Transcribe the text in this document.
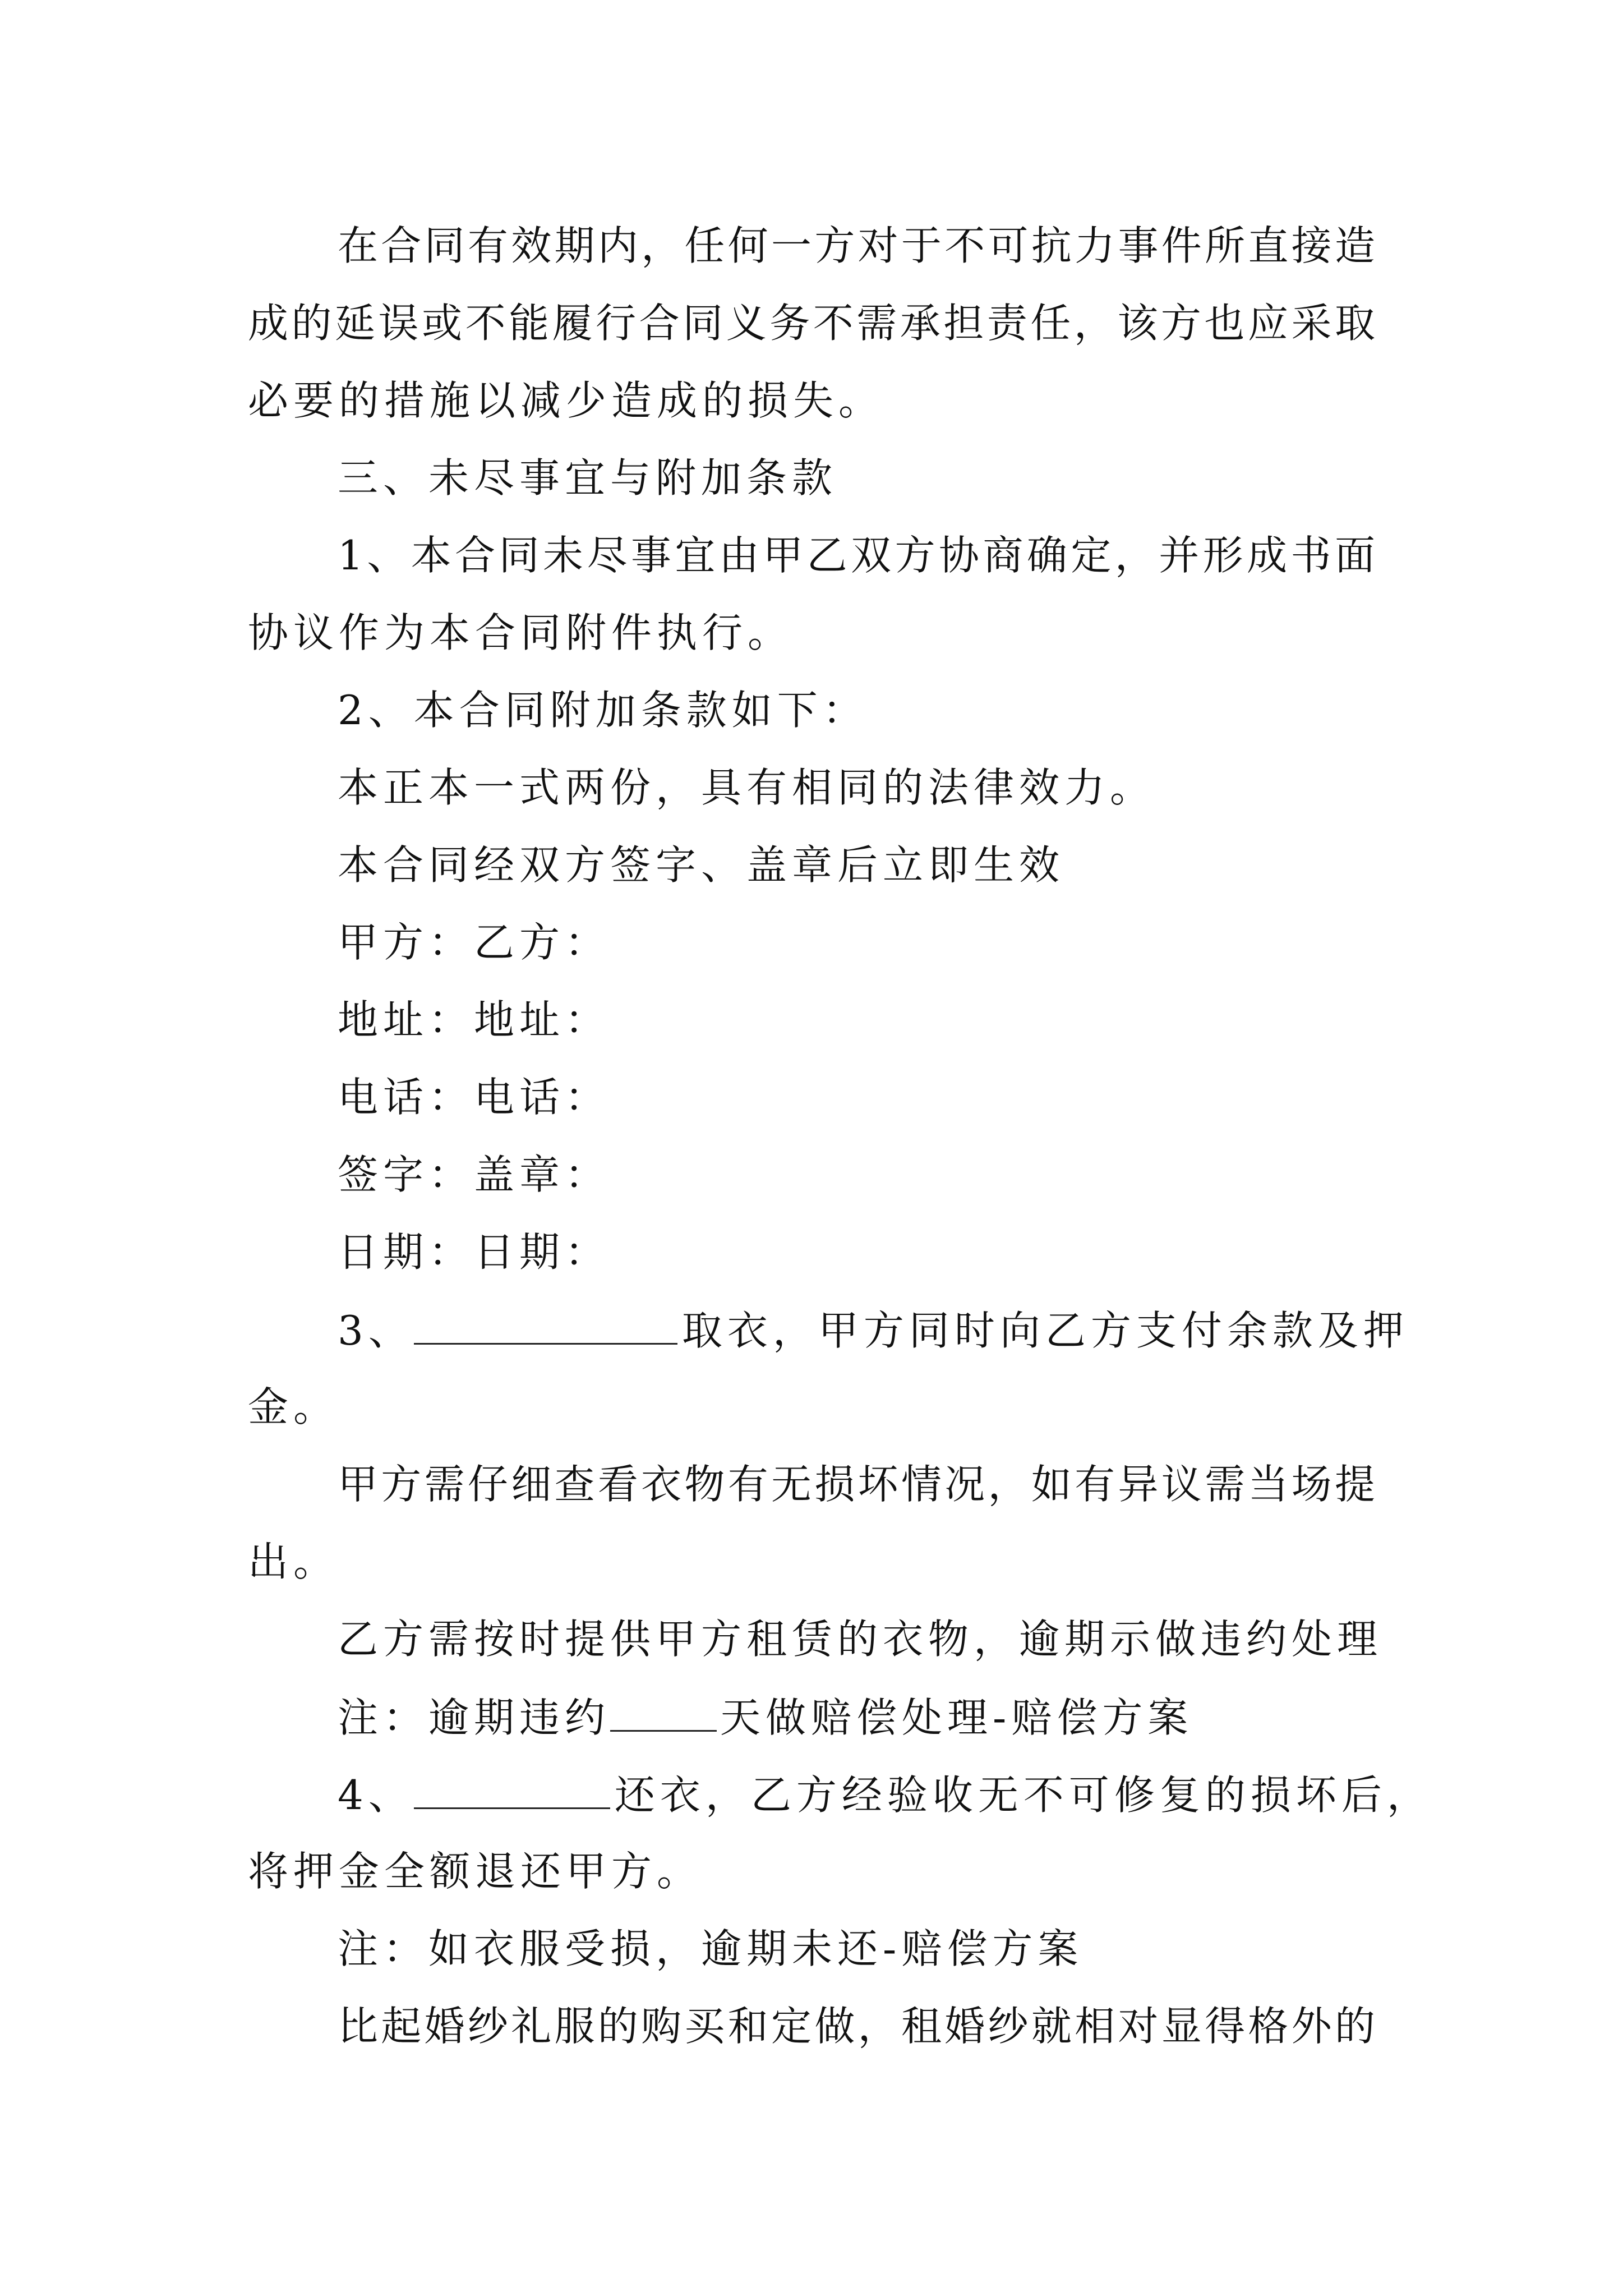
在合同有效期内，任何一方对于不可抗力事件所直接造

成的延误或不能履行合同义务不需承担责任，该方也应采取

必要的措施以减少造成的损失。

三、未尽事宜与附加条款

1、本合同未尽事宜由甲乙双方协商确定，并形成书面

协议作为本合同附件执行。

2、本合同附加条款如下：

本正本一式两份，具有相同的法律效力。

本合同经双方签字、盖章后立即生效

甲方：乙方：

地址：地址：

电话：电话：

签字：盖章：

日期：日期：

3、	取衣，甲方同时向乙方支付余款及押

金。

甲方需仔细查看衣物有无损坏情况，如有异议需当场提

出。

乙方需按时提供甲方租赁的衣物，逾期示做违约处理

注：逾期违约	天做赔偿处理-赔偿方案

4、	还衣，乙方经验收无不可修复的损坏后，

将押金全额退还甲方。

注：如衣服受损，逾期未还-赔偿方案

比起婚纱礼服的购买和定做，租婚纱就相对显得格外的
